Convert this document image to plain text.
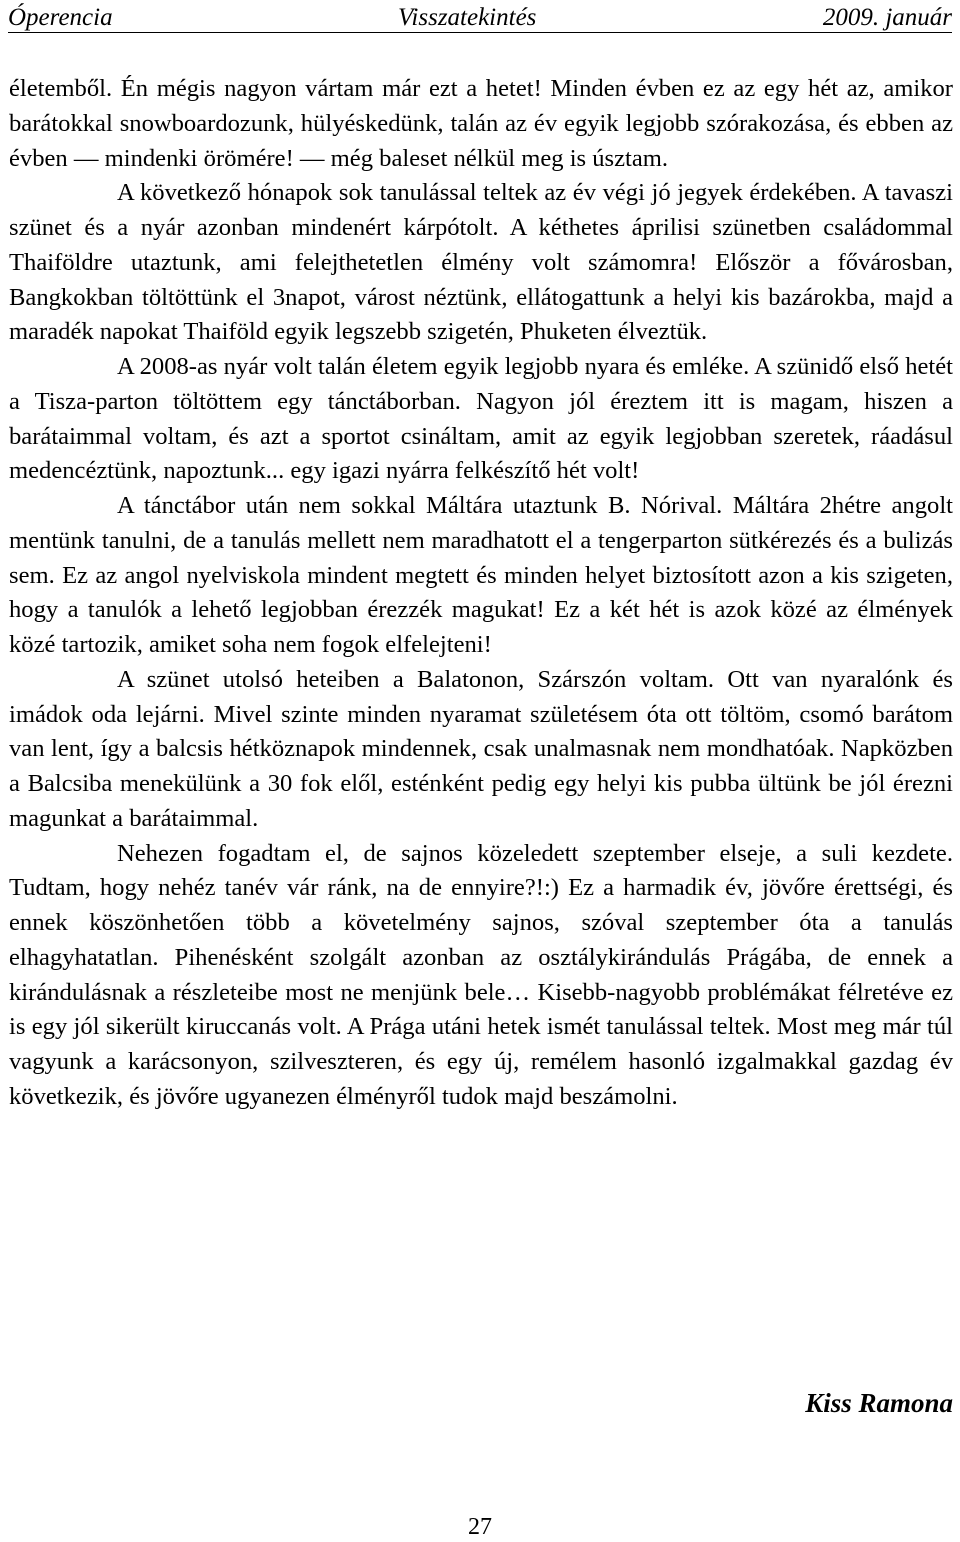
Óperencia	Visszatekintés	2009. január

életemből. Én mégis nagyon vártam már ezt a hetet! Minden évben ez az egy hét az, amikor barátokkal snowboardozunk, hülyéskedünk, talán az év egyik legjobb szórakozása, és ebben az évben — mindenki örömére! — még baleset nélkül meg is úsztam.

A következő hónapok sok tanulással teltek az év végi jó jegyek érdekében. A tavaszi szünet és a nyár azonban mindenért kárpótolt. A kéthetes áprilisi szünetben családommal Thaiföldre utaztunk, ami felejthetetlen élmény volt számomra! Először a fővárosban, Bangkokban töltöttünk el 3napot, várost néztünk, ellátogattunk a helyi kis bazárokba, majd a maradék napokat Thaiföld egyik legszebb szigetén, Phuketen élveztük.

A 2008-as nyár volt talán életem egyik legjobb nyara és emléke. A szünidő első hetét a Tisza-parton töltöttem egy tánctáborban. Nagyon jól éreztem itt is magam, hiszen a barátaimmal voltam, és azt a sportot csináltam, amit az egyik legjobban szeretek, ráadásul medencéztünk, napoztunk... egy igazi nyárra felkészítő hét volt!

A tánctábor után nem sokkal Máltára utaztunk B. Nórival. Máltára 2hétre angolt mentünk tanulni, de a tanulás mellett nem maradhatott el a tengerparton sütkérezés és a bulizás sem. Ez az angol nyelviskola mindent megtett és minden helyet biztosított azon a kis szigeten, hogy a tanulók a lehető legjobban érezzék magukat! Ez a két hét is azok közé az élmények közé tartozik, amiket soha nem fogok elfelejteni!

A szünet utolsó heteiben a Balatonon, Szárszón voltam. Ott van nyaralónk és imádok oda lejárni. Mivel szinte minden nyaramat születésem óta ott töltöm, csomó barátom van lent, így a balcsis hétköznapok mindennek, csak unalmasnak nem mondhatóak. Napközben a Balcsiba menekülünk a 30 fok elől, esténként pedig egy helyi kis pubba ültünk be jól érezni magunkat a barátaimmal.

Nehezen fogadtam el, de sajnos közeledett szeptember elseje, a suli kezdete. Tudtam, hogy nehéz tanév vár ránk, na de ennyire?!:) Ez a harmadik év, jövőre érettségi, és ennek köszönhetően több a követelmény sajnos, szóval szeptember óta a tanulás elhagyhatatlan. Pihenésként szolgált azonban az osztálykirándulás Prágába, de ennek a kirándulásnak a részleteibe most ne menjünk bele… Kisebb-nagyobb problémákat félretéve ez is egy jól sikerült kiruccanás volt. A Prága utáni hetek ismét tanulással teltek. Most meg már túl vagyunk a karácsonyon, szilveszteren, és egy új, remélem hasonló izgalmakkal gazdag év következik, és jövőre ugyanezen élményről tudok majd beszámolni.

Kiss Ramona
27
